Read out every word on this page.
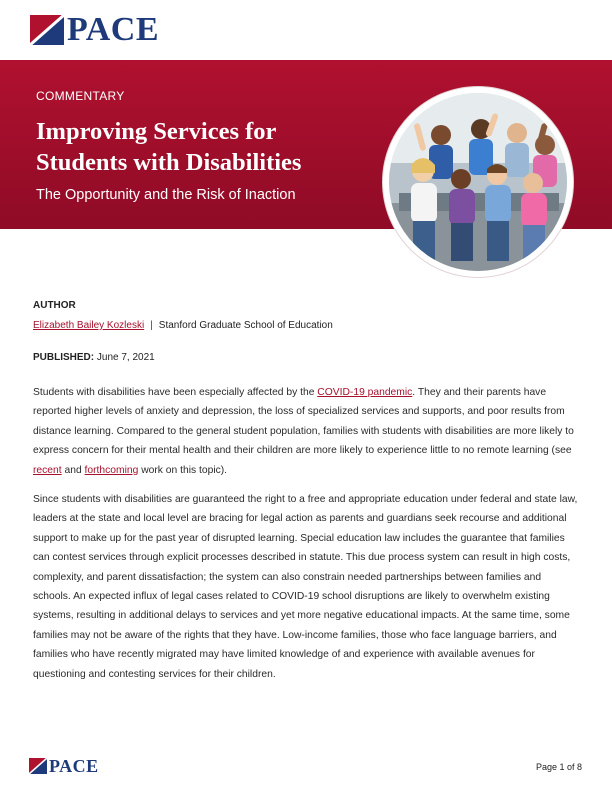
PACE
COMMENTARY
Improving Services for Students with Disabilities
The Opportunity and the Risk of Inaction
AUTHOR
Elizabeth Bailey Kozleski | Stanford Graduate School of Education
PUBLISHED: June 7, 2021

Students with disabilities have been especially affected by the COVID-19 pandemic. They and their parents have reported higher levels of anxiety and depression, the loss of specialized services and supports, and poor results from distance learning. Compared to the general student population, families with students with disabilities are more likely to express concern for their mental health and their children are more likely to experience little to no remote learning (see recent and forthcoming work on this topic).

Since students with disabilities are guaranteed the right to a free and appropriate education under federal and state law, leaders at the state and local level are bracing for legal action as parents and guardians seek recourse and additional support to make up for the past year of disrupted learning. Special education law includes the guarantee that families can contest services through explicit processes described in statute. This due process system can result in high costs, complexity, and parent dissatisfaction; the system can also constrain needed partnerships between families and schools. An expected influx of legal cases related to COVID-19 school disruptions are likely to overwhelm existing systems, resulting in additional delays to services and yet more negative educational impacts. At the same time, some families may not be aware of the rights that they have. Low-income families, those who face language barriers, and families who have recently migrated may have limited knowledge of and experience with available avenues for questioning and contesting services for their children.

PACE	Page 1 of 8
